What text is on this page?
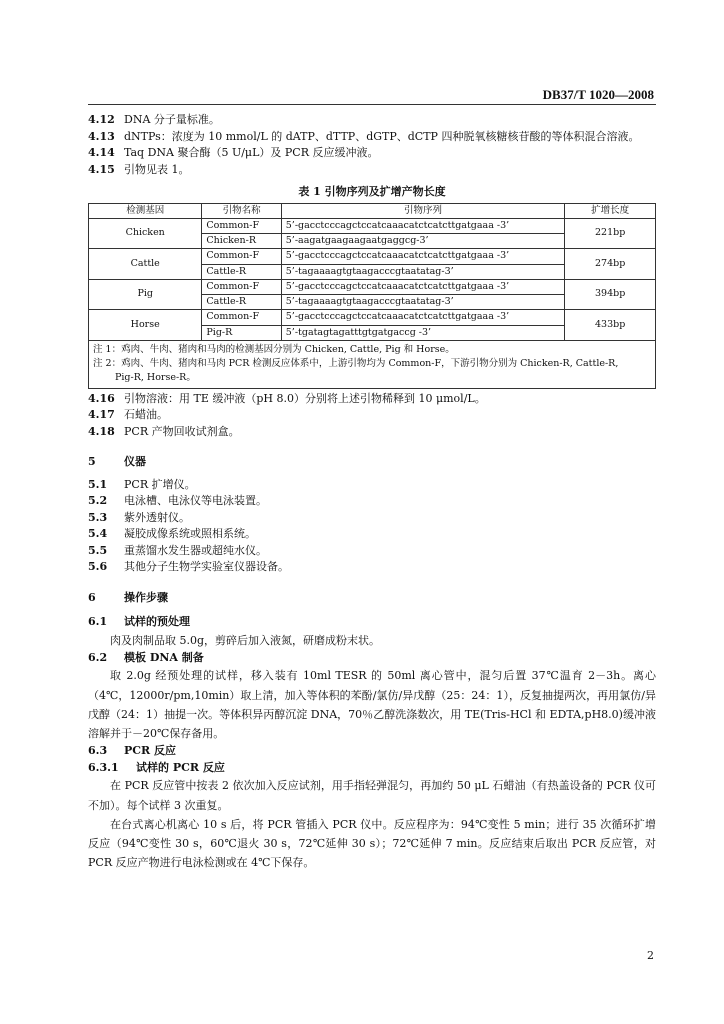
DB37/T 1020—2008
4.12 DNA 分子量标准。
4.13 dNTPs：浓度为 10 mmol/L 的 dATP、dTTP、dGTP、dCTP 四种脱氧核糖核苷酸的等体积混合溶液。
4.14 Taq DNA 聚合酶（5 U/μL）及 PCR 反应缓冲液。
4.15 引物见表 1。
表 1 引物序列及扩增产物长度
检测基因	引物名称	引物序列	扩增长度
Chicken	Common-F	5’-gacctcccagctccatcaaacatctcatcttgatgaaa -3’	221bp
	Chicken-R	5’-aagatgaagaagaatgaggcg-3’	
Cattle	Common-F	5’-gacctcccagctccatcaaacatctcatcttgatgaaa -3’	274bp
	Cattle-R	5’-tagaaaagtgtaagacccgtaatatag-3’	
Pig	Common-F	5’-gacctcccagctccatcaaacatctcatcttgatgaaa -3’	394bp
	Cattle-R	5’-tagaaaagtgtaagacccgtaatatag-3’	
Horse	Common-F	5’-gacctcccagctccatcaaacatctcatcttgatgaaa -3’	433bp
	Pig-R	5’-tgatagtagatttgtgatgaccg -3’	

注 1：鸡肉、牛肉、猪肉和马肉的检测基因分别为 Chicken, Cattle, Pig 和 Horse。

注 2：鸡肉、牛肉、猪肉和马肉 PCR 检测反应体系中，上游引物均为 Common-F，下游引物分别为 Chicken-R, Cattle-R,

Pig-R, Horse-R。

4.16 引物溶液：用 TE 缓冲液（pH 8.0）分别将上述引物稀释到 10 μmol/L。
4.17 石蜡油。
4.18 PCR 产物回收试剂盒。
5	仪器
5.1 PCR 扩增仪。
5.2 电泳槽、电泳仪等电泳装置。
5.3 紫外透射仪。
5.4 凝胶成像系统或照相系统。
5.5 重蒸馏水发生器或超纯水仪。
5.6 其他分子生物学实验室仪器设备。
6	操作步骤
6.1 试样的预处理
肉及肉制品取 5.0g，剪碎后加入液氮，研磨成粉末状。
6.2 模板 DNA 制备
取 2.0g 经预处理的试样，移入装有 10ml TESR 的 50ml 离心管中，混匀后置 37℃温育 2－3h。离心（4℃，12000r/pm,10min）取上清，加入等体积的苯酚/氯仿/异戊醇（25：24：1），反复抽提两次，再用氯仿/异戊醇（24：1）抽提一次。等体积异丙醇沉淀 DNA，70％乙醇洗涤数次，用 TE(Tris-HCl 和 EDTA,pH8.0)缓冲液溶解并于－20℃保存备用。
6.3 PCR 反应
6.3.1 试样的 PCR 反应
在 PCR 反应管中按表 2 依次加入反应试剂，用手指轻弹混匀，再加约 50 μL 石蜡油（有热盖设备的 PCR 仪可不加）。每个试样 3 次重复。
在台式离心机离心 10 s 后，将 PCR 管插入 PCR 仪中。反应程序为：94℃变性 5 min；进行 35 次循环扩增反应（94℃变性 30 s，60℃退火 30 s，72℃延伸 30 s）；72℃延伸 7 min。反应结束后取出 PCR 反应管，对 PCR 反应产物进行电泳检测或在 4℃下保存。
2
